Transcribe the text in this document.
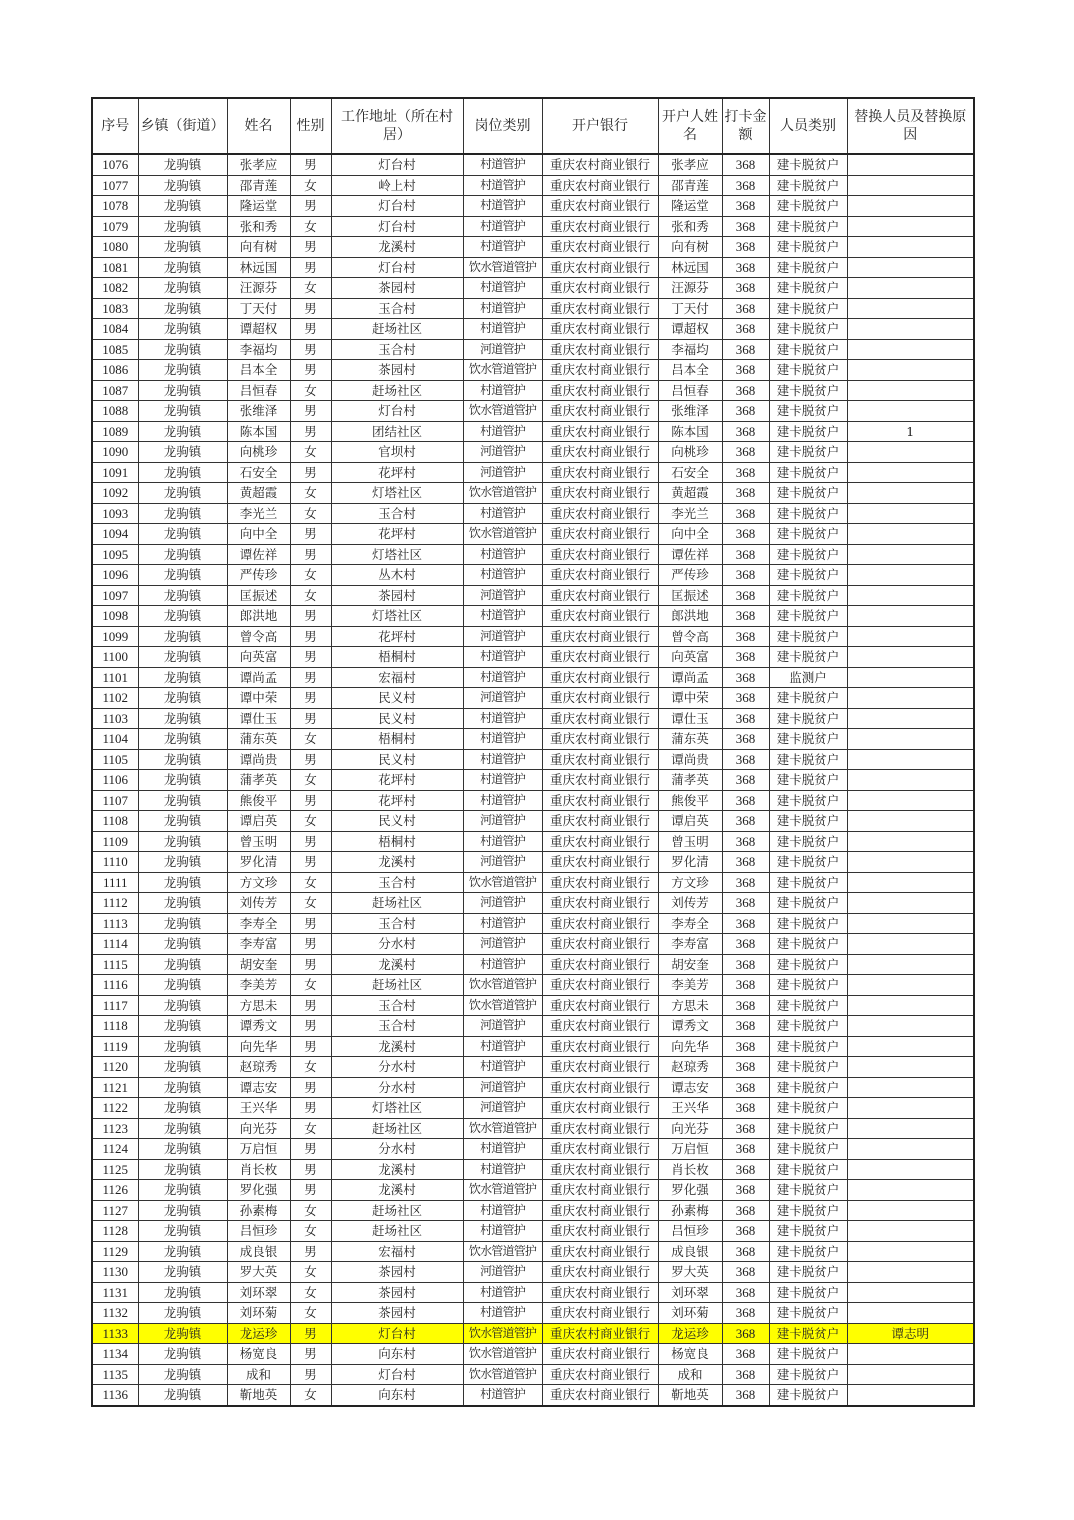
序号	乡镇（街道）	姓名	性别	工作地址（所在村居）	岗位类别	开户银行	开户人姓名	打卡金额	人员类别	替换人员及替换原因
1076	龙驹镇	张孝应	男	灯台村	村道管护	重庆农村商业银行	张孝应	368	建卡脱贫户	
1077	龙驹镇	邵青莲	女	岭上村	村道管护	重庆农村商业银行	邵青莲	368	建卡脱贫户	
1078	龙驹镇	隆运堂	男	灯台村	村道管护	重庆农村商业银行	隆运堂	368	建卡脱贫户	
1079	龙驹镇	张和秀	女	灯台村	村道管护	重庆农村商业银行	张和秀	368	建卡脱贫户	
1080	龙驹镇	向有树	男	龙溪村	村道管护	重庆农村商业银行	向有树	368	建卡脱贫户	
1081	龙驹镇	林远国	男	灯台村	饮水管道管护	重庆农村商业银行	林远国	368	建卡脱贫户	
1082	龙驹镇	汪源芬	女	茶园村	村道管护	重庆农村商业银行	汪源芬	368	建卡脱贫户	
1083	龙驹镇	丁天付	男	玉合村	村道管护	重庆农村商业银行	丁天付	368	建卡脱贫户	
1084	龙驹镇	谭超权	男	赶场社区	村道管护	重庆农村商业银行	谭超权	368	建卡脱贫户	
1085	龙驹镇	李福均	男	玉合村	河道管护	重庆农村商业银行	李福均	368	建卡脱贫户	
1086	龙驹镇	吕本全	男	茶园村	饮水管道管护	重庆农村商业银行	吕本全	368	建卡脱贫户	
1087	龙驹镇	吕恒春	女	赶场社区	村道管护	重庆农村商业银行	吕恒春	368	建卡脱贫户	
1088	龙驹镇	张维泽	男	灯台村	饮水管道管护	重庆农村商业银行	张维泽	368	建卡脱贫户	
1089	龙驹镇	陈本国	男	团结社区	村道管护	重庆农村商业银行	陈本国	368	建卡脱贫户	1
1090	龙驹镇	向桃珍	女	官坝村	河道管护	重庆农村商业银行	向桃珍	368	建卡脱贫户	
1091	龙驹镇	石安全	男	花坪村	河道管护	重庆农村商业银行	石安全	368	建卡脱贫户	
1092	龙驹镇	黄超霞	女	灯塔社区	饮水管道管护	重庆农村商业银行	黄超霞	368	建卡脱贫户	
1093	龙驹镇	李光兰	女	玉合村	村道管护	重庆农村商业银行	李光兰	368	建卡脱贫户	
1094	龙驹镇	向中全	男	花坪村	饮水管道管护	重庆农村商业银行	向中全	368	建卡脱贫户	
1095	龙驹镇	谭佐祥	男	灯塔社区	村道管护	重庆农村商业银行	谭佐祥	368	建卡脱贫户	
1096	龙驹镇	严传珍	女	丛木村	村道管护	重庆农村商业银行	严传珍	368	建卡脱贫户	
1097	龙驹镇	匡振述	女	茶园村	河道管护	重庆农村商业银行	匡振述	368	建卡脱贫户	
1098	龙驹镇	郎洪地	男	灯塔社区	村道管护	重庆农村商业银行	郎洪地	368	建卡脱贫户	
1099	龙驹镇	曾令高	男	花坪村	河道管护	重庆农村商业银行	曾令高	368	建卡脱贫户	
1100	龙驹镇	向英富	男	梧桐村	村道管护	重庆农村商业银行	向英富	368	建卡脱贫户	
1101	龙驹镇	谭尚孟	男	宏福村	村道管护	重庆农村商业银行	谭尚孟	368	监测户	
1102	龙驹镇	谭中荣	男	民义村	河道管护	重庆农村商业银行	谭中荣	368	建卡脱贫户	
1103	龙驹镇	谭仕玉	男	民义村	村道管护	重庆农村商业银行	谭仕玉	368	建卡脱贫户	
1104	龙驹镇	蒲东英	女	梧桐村	村道管护	重庆农村商业银行	蒲东英	368	建卡脱贫户	
1105	龙驹镇	谭尚贵	男	民义村	村道管护	重庆农村商业银行	谭尚贵	368	建卡脱贫户	
1106	龙驹镇	蒲孝英	女	花坪村	村道管护	重庆农村商业银行	蒲孝英	368	建卡脱贫户	
1107	龙驹镇	熊俊平	男	花坪村	村道管护	重庆农村商业银行	熊俊平	368	建卡脱贫户	
1108	龙驹镇	谭启英	女	民义村	河道管护	重庆农村商业银行	谭启英	368	建卡脱贫户	
1109	龙驹镇	曾玉明	男	梧桐村	村道管护	重庆农村商业银行	曾玉明	368	建卡脱贫户	
1110	龙驹镇	罗化清	男	龙溪村	河道管护	重庆农村商业银行	罗化清	368	建卡脱贫户	
1111	龙驹镇	方文珍	女	玉合村	饮水管道管护	重庆农村商业银行	方文珍	368	建卡脱贫户	
1112	龙驹镇	刘传芳	女	赶场社区	河道管护	重庆农村商业银行	刘传芳	368	建卡脱贫户	
1113	龙驹镇	李寿全	男	玉合村	村道管护	重庆农村商业银行	李寿全	368	建卡脱贫户	
1114	龙驹镇	李寿富	男	分水村	河道管护	重庆农村商业银行	李寿富	368	建卡脱贫户	
1115	龙驹镇	胡安奎	男	龙溪村	村道管护	重庆农村商业银行	胡安奎	368	建卡脱贫户	
1116	龙驹镇	李美芳	女	赶场社区	饮水管道管护	重庆农村商业银行	李美芳	368	建卡脱贫户	
1117	龙驹镇	方思未	男	玉合村	饮水管道管护	重庆农村商业银行	方思未	368	建卡脱贫户	
1118	龙驹镇	谭秀文	男	玉合村	河道管护	重庆农村商业银行	谭秀文	368	建卡脱贫户	
1119	龙驹镇	向先华	男	龙溪村	村道管护	重庆农村商业银行	向先华	368	建卡脱贫户	
1120	龙驹镇	赵琼秀	女	分水村	村道管护	重庆农村商业银行	赵琼秀	368	建卡脱贫户	
1121	龙驹镇	谭志安	男	分水村	河道管护	重庆农村商业银行	谭志安	368	建卡脱贫户	
1122	龙驹镇	王兴华	男	灯塔社区	河道管护	重庆农村商业银行	王兴华	368	建卡脱贫户	
1123	龙驹镇	向光芬	女	赶场社区	饮水管道管护	重庆农村商业银行	向光芬	368	建卡脱贫户	
1124	龙驹镇	万启恒	男	分水村	村道管护	重庆农村商业银行	万启恒	368	建卡脱贫户	
1125	龙驹镇	肖长枚	男	龙溪村	村道管护	重庆农村商业银行	肖长枚	368	建卡脱贫户	
1126	龙驹镇	罗化强	男	龙溪村	饮水管道管护	重庆农村商业银行	罗化强	368	建卡脱贫户	
1127	龙驹镇	孙素梅	女	赶场社区	村道管护	重庆农村商业银行	孙素梅	368	建卡脱贫户	
1128	龙驹镇	吕恒珍	女	赶场社区	村道管护	重庆农村商业银行	吕恒珍	368	建卡脱贫户	
1129	龙驹镇	成良银	男	宏福村	饮水管道管护	重庆农村商业银行	成良银	368	建卡脱贫户	
1130	龙驹镇	罗大英	女	茶园村	河道管护	重庆农村商业银行	罗大英	368	建卡脱贫户	
1131	龙驹镇	刘环翠	女	茶园村	村道管护	重庆农村商业银行	刘环翠	368	建卡脱贫户	
1132	龙驹镇	刘环菊	女	茶园村	村道管护	重庆农村商业银行	刘环菊	368	建卡脱贫户	
1133	龙驹镇	龙运珍	男	灯台村	饮水管道管护	重庆农村商业银行	龙运珍	368	建卡脱贫户	谭志明
1134	龙驹镇	杨宽良	男	向东村	饮水管道管护	重庆农村商业银行	杨宽良	368	建卡脱贫户	
1135	龙驹镇	成和	男	灯台村	饮水管道管护	重庆农村商业银行	成和	368	建卡脱贫户	
1136	龙驹镇	靳地英	女	向东村	村道管护	重庆农村商业银行	靳地英	368	建卡脱贫户	
